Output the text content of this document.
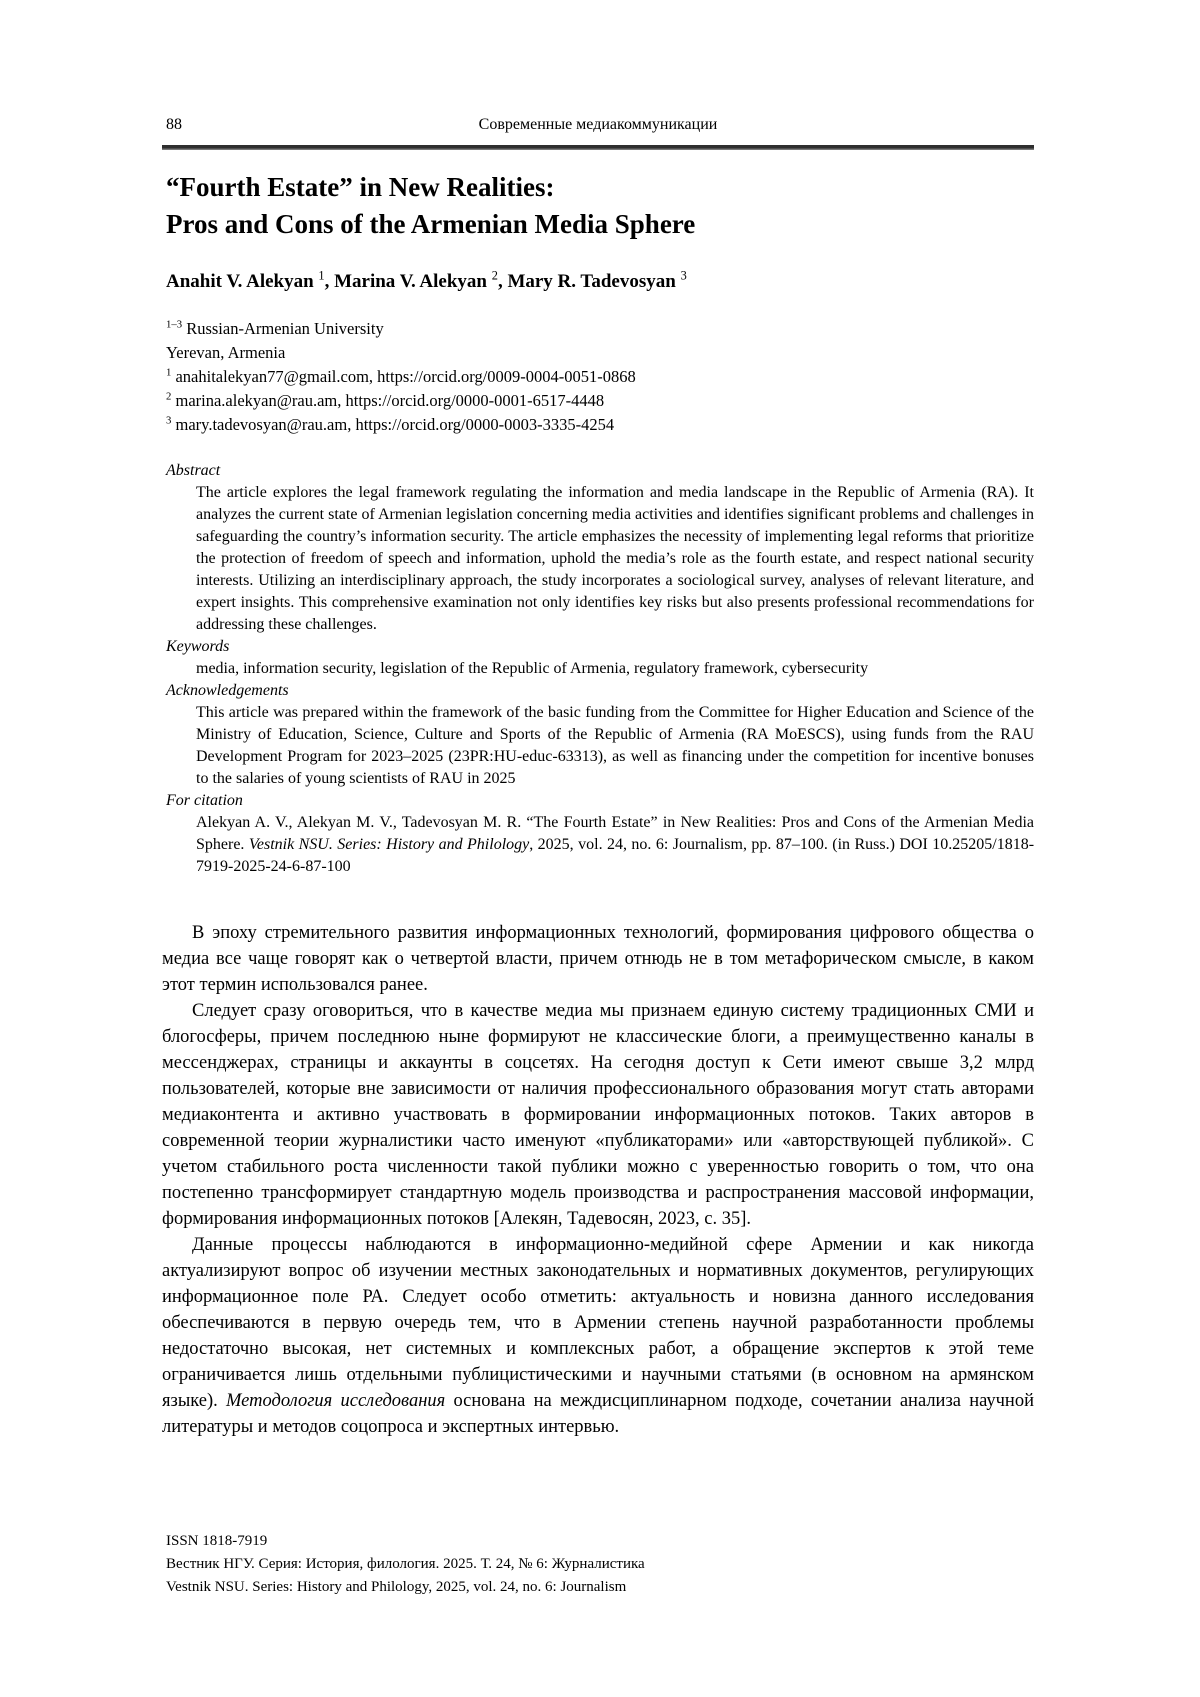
88	Современные медиакоммуникации
“Fourth Estate” in New Realities:
Pros and Cons of the Armenian Media Sphere
Anahit V. Alekyan $^1$, Marina V. Alekyan $^2$, Mary R. Tadevosyan $^3$
$^{1-3}$ Russian-Armenian University
Yerevan, Armenia
$^1$ anahitalekyan77@gmail.com, https://orcid.org/0009-0004-0051-0868
$^2$ marina.alekyan@rau.am, https://orcid.org/0000-0001-6517-4448
$^3$ mary.tadevosyan@rau.am, https://orcid.org/0000-0003-3335-4254
Abstract
The article explores the legal framework regulating the information and media landscape in the Republic of Armenia (RA). It analyzes the current state of Armenian legislation concerning media activities and identifies significant problems and challenges in safeguarding the country’s information security. The article emphasizes the necessity of implementing legal reforms that prioritize the protection of freedom of speech and information, uphold the media’s role as the fourth estate, and respect national security interests. Utilizing an interdisciplinary approach, the study incorporates a sociological survey, analyses of relevant literature, and expert insights. This comprehensive examination not only identifies key risks but also presents professional recommendations for addressing these challenges.
Keywords
media, information security, legislation of the Republic of Armenia, regulatory framework, cybersecurity
Acknowledgements
This article was prepared within the framework of the basic funding from the Committee for Higher Education and Science of the Ministry of Education, Science, Culture and Sports of the Republic of Armenia (RA MoESCS), using funds from the RAU Development Program for 2023–2025 (23PR:HU-educ-63313), as well as financing under the competition for incentive bonuses to the salaries of young scientists of RAU in 2025
For citation
Alekyan A. V., Alekyan M. V., Tadevosyan M. R. “The Fourth Estate” in New Realities: Pros and Cons of the Armenian Media Sphere. Vestnik NSU. Series: History and Philology, 2025, vol. 24, no. 6: Journalism, pp. 87–100. (in Russ.) DOI 10.25205/1818-7919-2025-24-6-87-100

В эпоху стремительного развития информационных технологий, формирования цифрового общества о медиа все чаще говорят как о четвертой власти, причем отнюдь не в том метафорическом смысле, в каком этот термин использовался ранее.

Следует сразу оговориться, что в качестве медиа мы признаем единую систему традиционных СМИ и блогосферы, причем последнюю ныне формируют не классические блоги, а преимущественно каналы в мессенджерах, страницы и аккаунты в соцсетях. На сегодня доступ к Сети имеют свыше 3,2 млрд пользователей, которые вне зависимости от наличия профессионального образования могут стать авторами медиаконтента и активно участвовать в формировании информационных потоков. Таких авторов в современной теории журналистики часто именуют «публикаторами» или «авторствующей публикой». С учетом стабильного роста численности такой публики можно с уверенностью говорить о том, что она постепенно трансформирует стандартную модель производства и распространения массовой информации, формирования информационных потоков [Алекян, Тадевосян, 2023, с. 35].

Данные процессы наблюдаются в информационно-медийной сфере Армении и как никогда актуализируют вопрос об изучении местных законодательных и нормативных документов, регулирующих информационное поле РА. Следует особо отметить: актуальность и новизна данного исследования обеспечиваются в первую очередь тем, что в Армении степень научной разработанности проблемы недостаточно высокая, нет системных и комплексных работ, а обращение экспертов к этой теме ограничивается лишь отдельными публицистическими и научными статьями (в основном на армянском языке). Методология исследования основана на междисциплинарном подходе, сочетании анализа научной литературы и методов соцопроса и экспертных интервью.

ISSN 1818-7919
Вестник НГУ. Серия: История, филология. 2025. Т. 24, № 6: Журналистика
Vestnik NSU. Series: History and Philology, 2025, vol. 24, no. 6: Journalism
